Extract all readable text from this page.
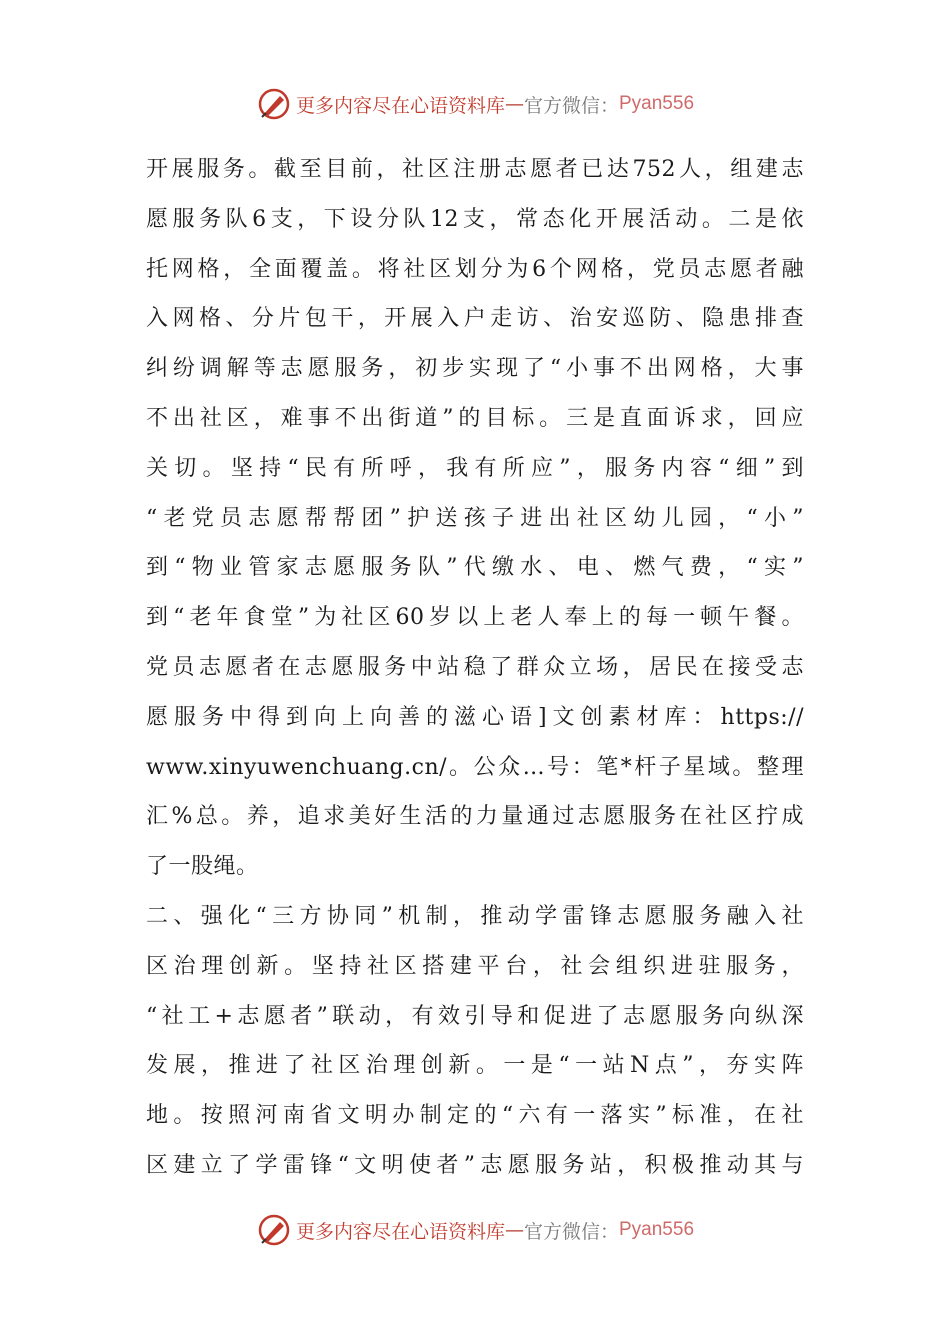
更多内容尽在心语资料库 — 官方微信： Pyan556
开展服务。截至目前，社区注册志愿者已达752人，组建志
愿服务队6支，下设分队12支，常态化开展活动。二是依
托网格，全面覆盖。将社区划分为6个网格，党员志愿者融
入网格、分片包干，开展入户走访、治安巡防、隐患排查
纠纷调解等志愿服务，初步实现了“小事不出网格，大事
不出社区，难事不出街道”的目标。三是直面诉求，回应
关切。坚持“民有所呼，我有所应”，服务内容“细”到
“老党员志愿帮帮团”护送孩子进出社区幼儿园，“小”
到“物业管家志愿服务队”代缴水、电、燃气费，“实”
到“老年食堂”为社区60岁以上老人奉上的每一顿午餐。
党员志愿者在志愿服务中站稳了群众立场，居民在接受志
愿服务中得到向上向善的滋心语]文创素材库：https://
www.xinyuwenchuang.cn/。公众…号：笔*杆子星域。整理
汇%总。养，追求美好生活的力量通过志愿服务在社区拧成
了一股绳。
二、强化“三方协同”机制，推动学雷锋志愿服务融入社
区治理创新。坚持社区搭建平台，社会组织进驻服务，
“社工+志愿者”联动，有效引导和促进了志愿服务向纵深
发展，推进了社区治理创新。一是“一站N点”，夯实阵
地。按照河南省文明办制定的“六有一落实”标准，在社
区建立了学雷锋“文明使者”志愿服务站，积极推动其与
更多内容尽在心语资料库 — 官方微信： Pyan556
